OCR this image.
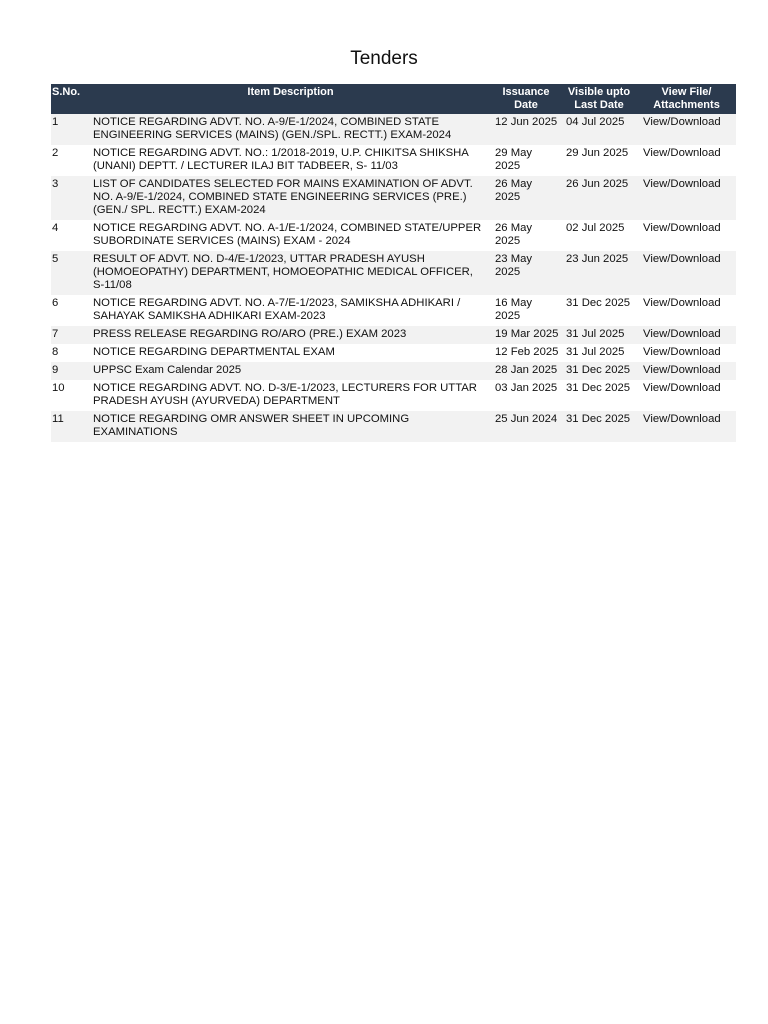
Tenders
S.No.	Item Description	Issuance Date	Visible upto Last Date	View File/ Attachments
1	NOTICE REGARDING ADVT. NO. A-9/E-1/2024, COMBINED STATE ENGINEERING SERVICES (MAINS) (GEN./SPL. RECTT.) EXAM-2024	12 Jun 2025	04 Jul 2025	View/Download
2	NOTICE REGARDING ADVT. NO.: 1/2018-2019, U.P. CHIKITSA SHIKSHA (UNANI) DEPTT. / LECTURER ILAJ BIT TADBEER, S- 11/03	29 May 2025	29 Jun 2025	View/Download
3	LIST OF CANDIDATES SELECTED FOR MAINS EXAMINATION OF ADVT. NO. A-9/E-1/2024, COMBINED STATE ENGINEERING SERVICES (PRE.) (GEN./ SPL. RECTT.) EXAM-2024	26 May 2025	26 Jun 2025	View/Download
4	NOTICE REGARDING ADVT. NO. A-1/E-1/2024, COMBINED STATE/UPPER SUBORDINATE SERVICES (MAINS) EXAM - 2024	26 May 2025	02 Jul 2025	View/Download
5	RESULT OF ADVT. NO. D-4/E-1/2023, UTTAR PRADESH AYUSH (HOMOEOPATHY) DEPARTMENT, HOMOEOPATHIC MEDICAL OFFICER, S-11/08	23 May 2025	23 Jun 2025	View/Download
6	NOTICE REGARDING ADVT. NO. A-7/E-1/2023, SAMIKSHA ADHIKARI / SAHAYAK SAMIKSHA ADHIKARI EXAM-2023	16 May 2025	31 Dec 2025	View/Download
7	PRESS RELEASE REGARDING RO/ARO (PRE.) EXAM 2023	19 Mar 2025	31 Jul 2025	View/Download
8	NOTICE REGARDING DEPARTMENTAL EXAM	12 Feb 2025	31 Jul 2025	View/Download
9	UPPSC Exam Calendar 2025	28 Jan 2025	31 Dec 2025	View/Download
10	NOTICE REGARDING ADVT. NO. D-3/E-1/2023, LECTURERS FOR UTTAR PRADESH AYUSH (AYURVEDA) DEPARTMENT	03 Jan 2025	31 Dec 2025	View/Download
11	NOTICE REGARDING OMR ANSWER SHEET IN UPCOMING EXAMINATIONS	25 Jun 2024	31 Dec 2025	View/Download
